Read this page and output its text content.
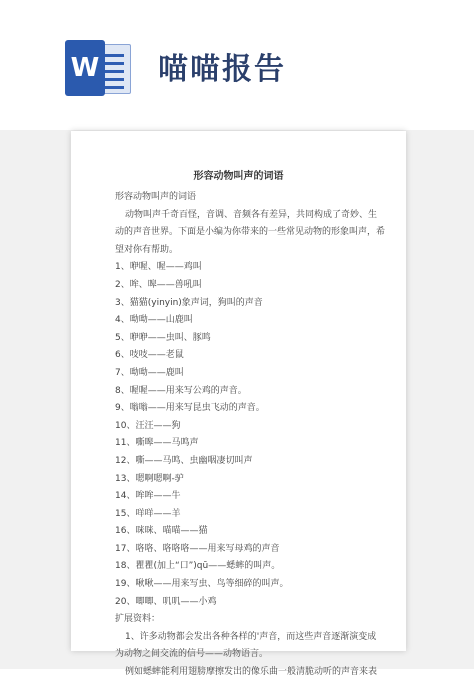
W 喵喵报告
形容动物叫声的词语
形容动物叫声的词语
动物叫声千奇百怪，音调、音频各有差异，共同构成了奇妙、生
动的声音世界。下面是小编为你带来的一些常见动物的形象叫声，希
望对你有帮助。
1、咿喔、喔——鸡叫
2、哞、嗥——兽吼叫
3、猫猫(yinyin)象声词，狗叫的声音
4、呦呦——山鹿叫
5、咿咿——虫叫、豚鸣
6、吱吱——老鼠
7、呦呦——鹿叫
8、喔喔——用来写公鸡的声音。
9、嗡嗡——用来写昆虫飞动的声音。
10、汪汪——狗
11、嘶嗥——马鸣声
12、嘶——马鸣、虫幽咽凄切叫声
13、嗯啊嗯啊-驴
14、哞哞——牛
15、咩咩——羊
16、咪咪、喵喵——猫
17、咯咯、咯咯咯——用来写母鸡的声音
18、瞿瞿(加上“口”)qū——蟋蟀的叫声。
19、啾啾——用来写虫、鸟等细碎的叫声。
20、唧唧、叽叽——小鸡
扩展资料：
1、许多动物都会发出各种各样的'声音，而这些声音逐渐演变成
为动物之间交流的信号——动物语言。
例如蟋蟀能利用翅膀摩擦发出的像乐曲一般清脆动听的声音来表
